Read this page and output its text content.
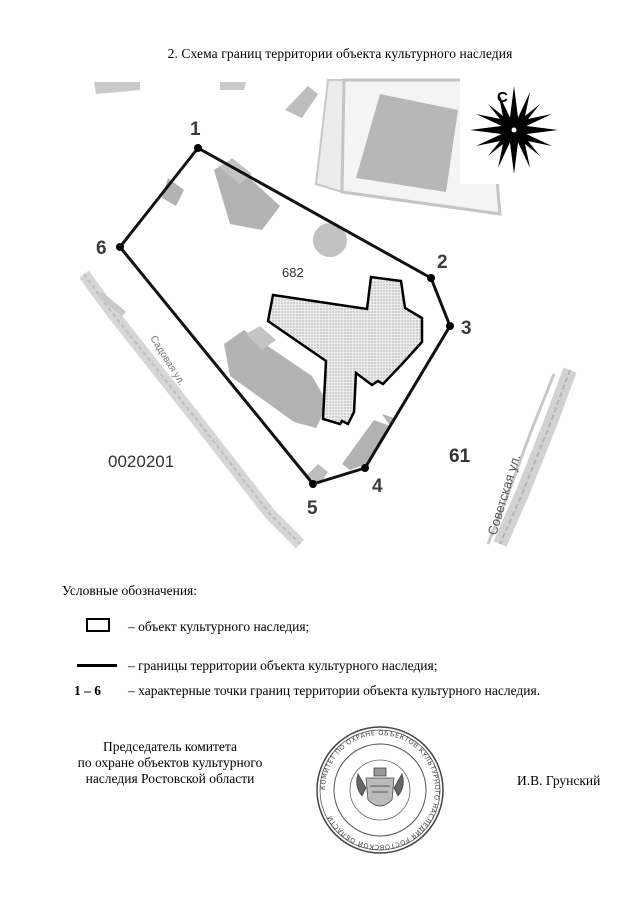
2. Схема границ территории объекта культурного наследия
1
2
3
4
5
6
682
0020201	61
Садовая ул.
Советская ул.
С
Условные обозначения:
– объект культурного наследия;
– границы территории объекта культурного наследия;
1 – 6 – характерные точки границ территории объекта культурного наследия.
Председатель комитета
по охране объектов культурного
наследия Ростовской области
КОМИТЕТ ПО ОХРАНЕ ОБЪЕКТОВ КУЛЬТУРНОГО НАСЛЕДИЯ РОСТОВСКОЙ ОБЛАСТИ
И.В. Грунский
